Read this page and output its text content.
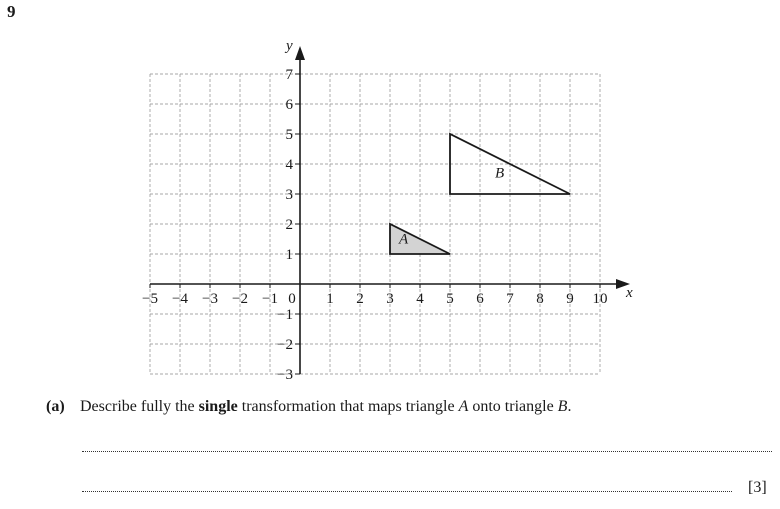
9
x
y
−5 −4 −3 −2 −1 0 1 2 3 4 5 6 7 8 9 10
7
6
5
4
3
2
1
−1
−2
−3
A
B
(a) Describe fully the single transformation that maps triangle A onto triangle B.
[3]
